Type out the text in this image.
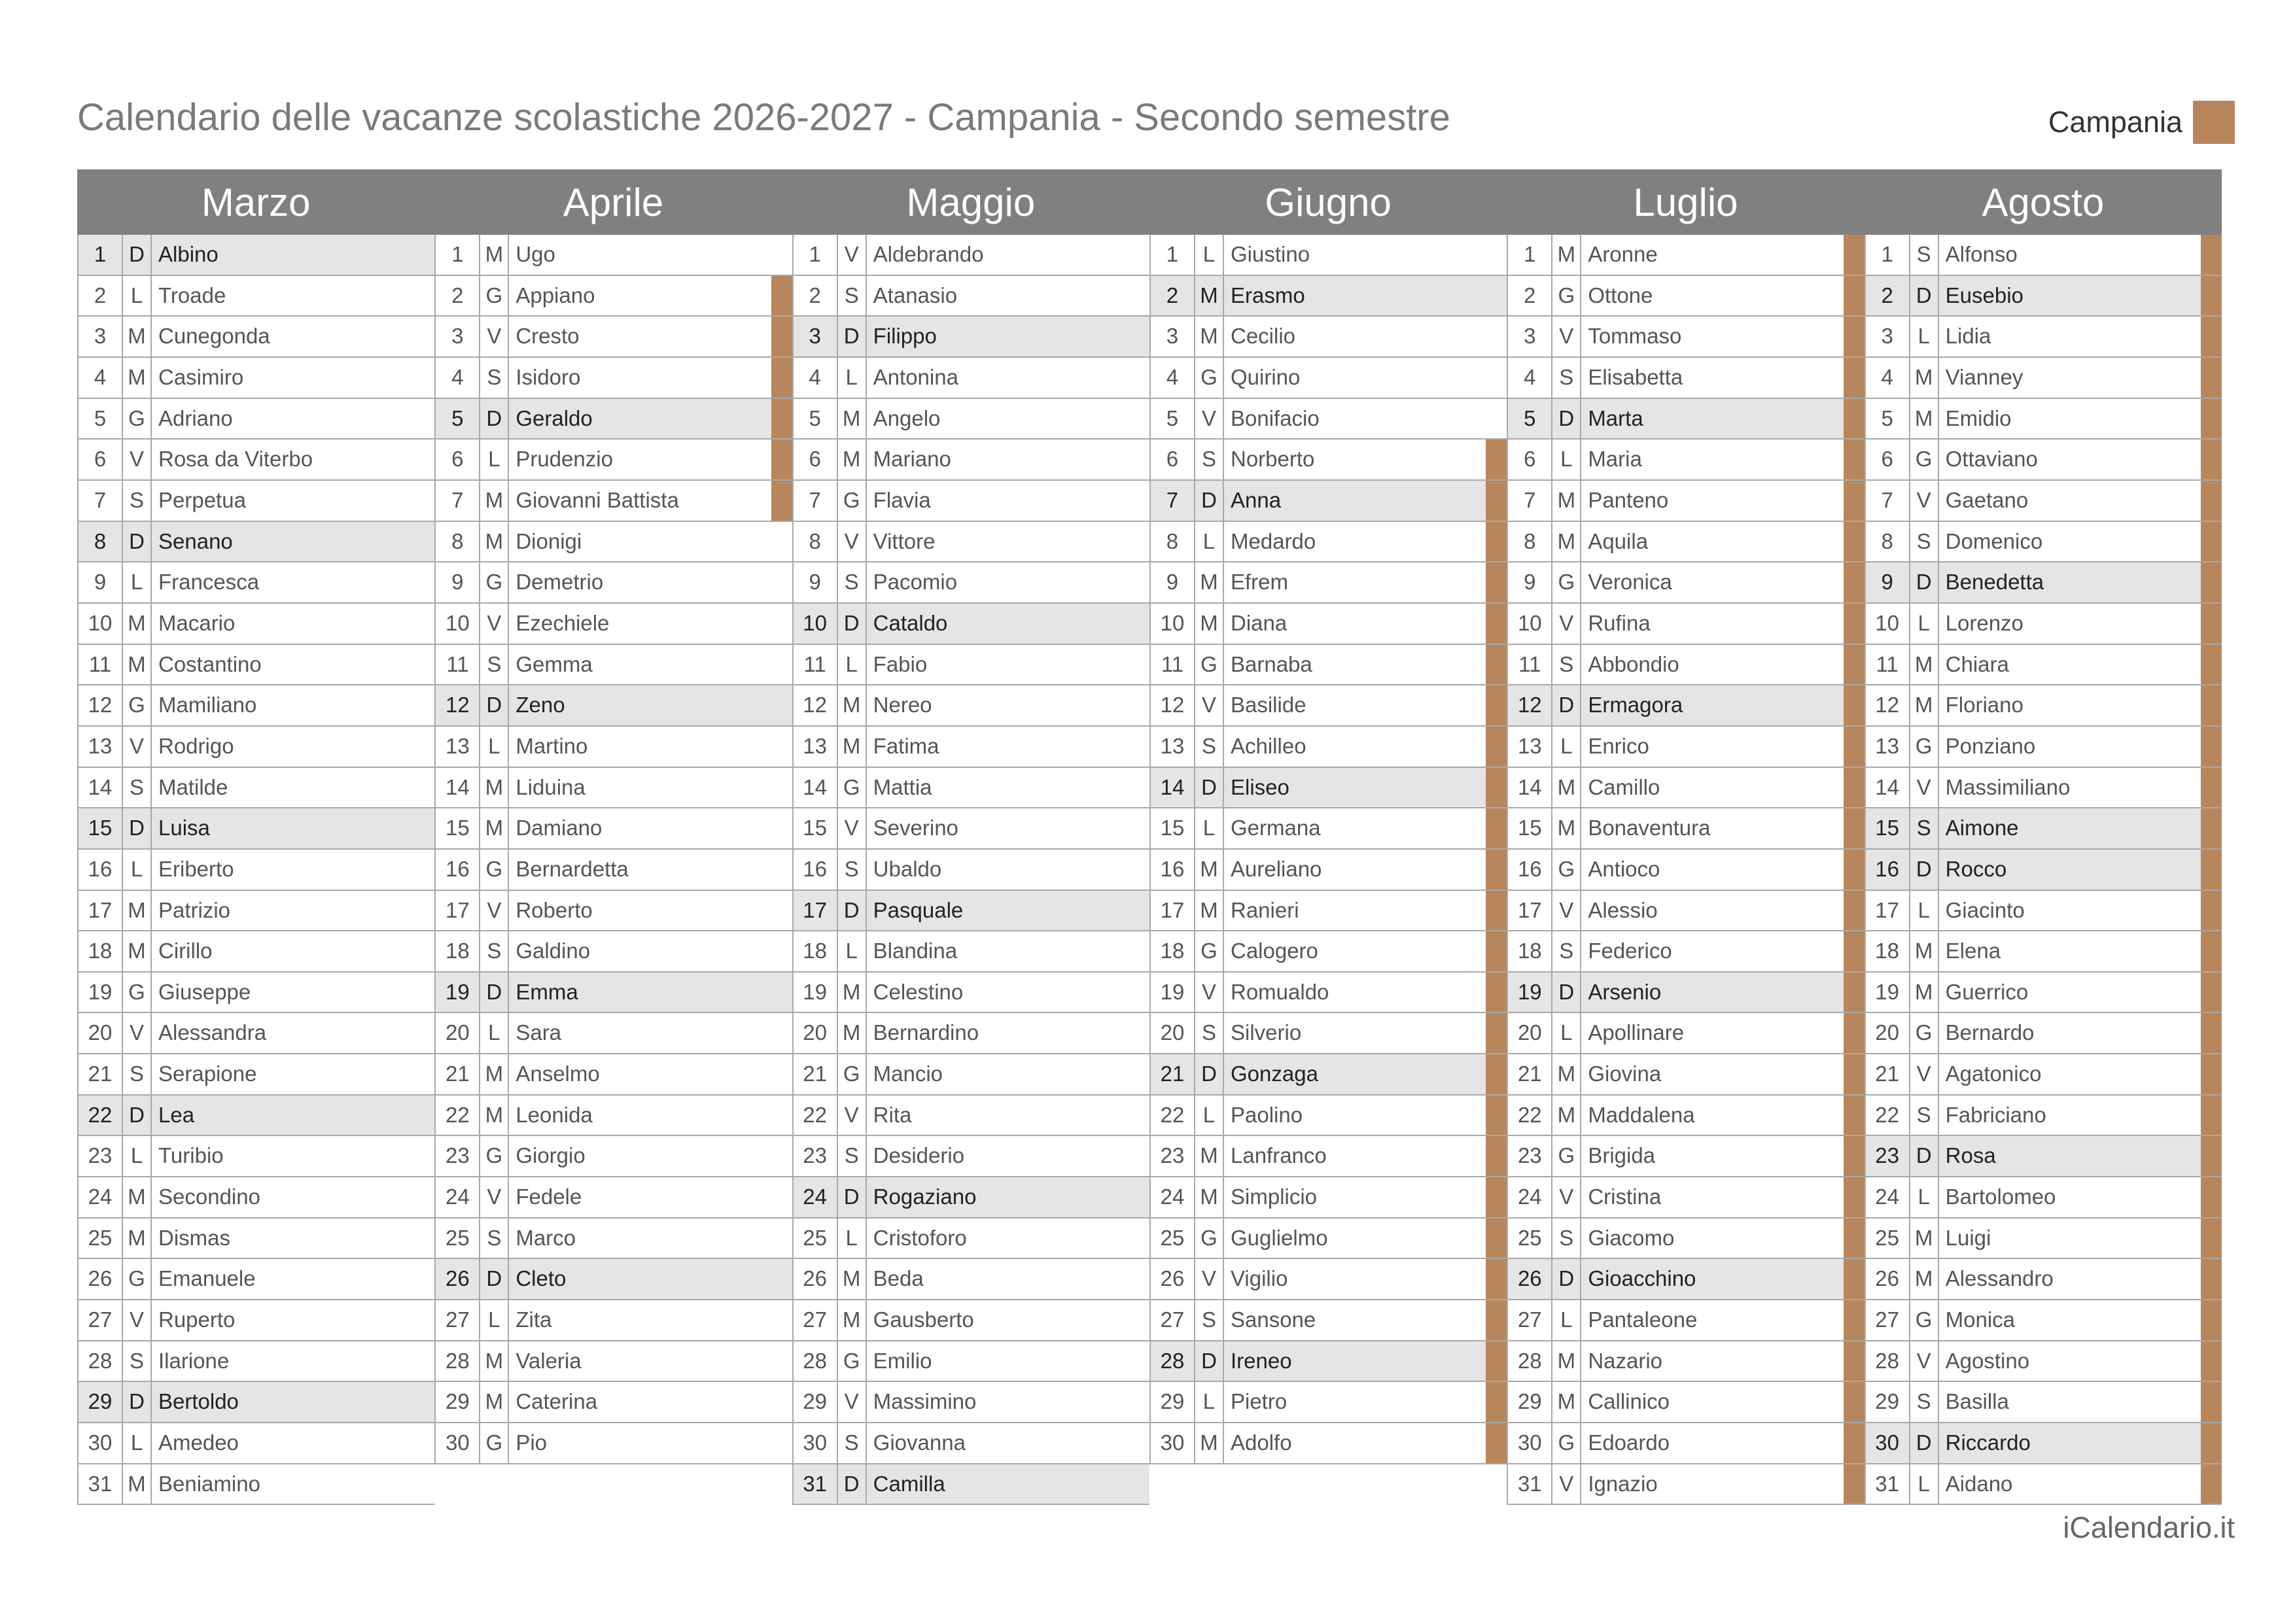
Calendario delle vacanze scolastiche 2026-2027 - Campania - Secondo semestre	Campania
Marzo
1	D Albino
2	L Troade
3	M Cunegonda
4	M Casimiro
5	G Adriano
6	V Rosa da Viterbo
7	S Perpetua
8	D Senano
9	L Francesca
10 M Macario
11 M Costantino
12 G Mamiliano
13 V Rodrigo
14 S Matilde
15 D Luisa
16 L Eriberto
17 M Patrizio
18 M Cirillo
19 G Giuseppe
20 V Alessandra
21 S Serapione
22 D Lea
23 L Turibio
24 M Secondino
25 M Dismas
26 G Emanuele
27 V Ruperto
28 S Ilarione
29 D Bertoldo
30 L Amedeo
31 M Beniamino
Aprile
1	M Ugo
2	G Appiano
3	V Cresto
4	S Isidoro
5	D Geraldo
6	L Prudenzio
7	M Giovanni Battista
8	M Dionigi
9	G Demetrio
10 V Ezechiele
11 S Gemma
12 D Zeno
13 L Martino
14 M Liduina
15 M Damiano
16 G Bernardetta
17 V Roberto
18 S Galdino
19 D Emma
20 L Sara
21 M Anselmo
22 M Leonida
23 G Giorgio
24 V Fedele
25 S Marco
26 D Cleto
27 L Zita
28 M Valeria
29 M Caterina
30 G Pio
Maggio
1	V Aldebrando
2	S Atanasio
3	D Filippo
4	L Antonina
5	M Angelo
6	M Mariano
7	G Flavia
8	V Vittore
9	S Pacomio
10 D Cataldo
11 L Fabio
12 M Nereo
13 M Fatima
14 G Mattia
15 V Severino
16 S Ubaldo
17 D Pasquale
18 L Blandina
19 M Celestino
20 M Bernardino
21 G Mancio
22 V Rita
23 S Desiderio
24 D Rogaziano
25 L Cristoforo
26 M Beda
27 M Gausberto
28 G Emilio
29 V Massimino
30 S Giovanna
31 D Camilla
Giugno
1	L Giustino
2	M Erasmo
3	M Cecilio
4	G Quirino
5	V Bonifacio
6	S Norberto
7	D Anna
8	L Medardo
9	M Efrem
10 M Diana
11 G Barnaba
12 V Basilide
13 S Achilleo
14 D Eliseo
15 L Germana
16 M Aureliano
17 M Ranieri
18 G Calogero
19 V Romualdo
20 S Silverio
21 D Gonzaga
22 L Paolino
23 M Lanfranco
24 M Simplicio
25 G Guglielmo
26 V Vigilio
27 S Sansone
28 D Ireneo
29 L Pietro
30 M Adolfo
Luglio
1	M Aronne
2	G Ottone
3	V Tommaso
4	S Elisabetta
5	D Marta
6	L Maria
7	M Panteno
8	M Aquila
9	G Veronica
10 V Rufina
11 S Abbondio
12 D Ermagora
13 L Enrico
14 M Camillo
15 M Bonaventura
16 G Antioco
17 V Alessio
18 S Federico
19 D Arsenio
20 L Apollinare
21 M Giovina
22 M Maddalena
23 G Brigida
24 V Cristina
25 S Giacomo
26 D Gioacchino
27 L Pantaleone
28 M Nazario
29 M Callinico
30 G Edoardo
31 V Ignazio
Agosto
1	S Alfonso
2	D Eusebio
3	L Lidia
4	M Vianney
5	M Emidio
6	G Ottaviano
7	V Gaetano
8	S Domenico
9	D Benedetta
10 L Lorenzo
11 M Chiara
12 M Floriano
13 G Ponziano
14 V Massimiliano
15 S Aimone
16 D Rocco
17 L Giacinto
18 M Elena
19 M Guerrico
20 G Bernardo
21 V Agatonico
22 S Fabriciano
23 D Rosa
24 L Bartolomeo
25 M Luigi
26 M Alessandro
27 G Monica
28 V Agostino
29 S Basilla
30 D Riccardo
31 L Aidano
iCalendario.it
